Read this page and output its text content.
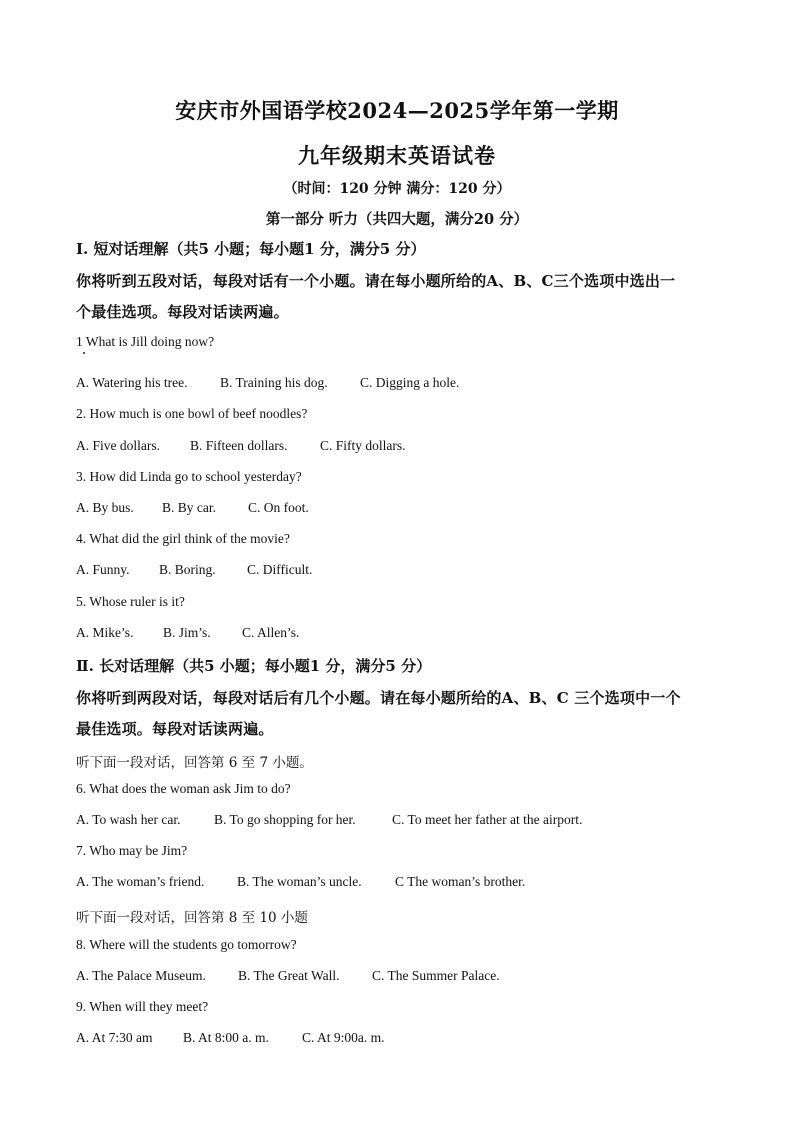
安庆市外国语学校2024—2025学年第一学期
九年级期末英语试卷
（时间：120 分钟 满分：120 分）
第一部分 听力（共四大题，满分20 分）
Ⅰ. 短对话理解（共5 小题；每小题1 分，满分5 分）
你将听到五段对话，每段对话有一个小题。请在每小题所给的A、B、C三个选项中选出一
个最佳选项。每段对话读两遍。
1 What is Jill doing now?
A. Watering his tree. B. Training his dog. C. Digging a hole.
2. How much is one bowl of beef noodles?
A. Five dollars. B. Fifteen dollars. C. Fifty dollars.
3. How did Linda go to school yesterday?
A. By bus. B. By car. C. On foot.
4. What did the girl think of the movie?
A. Funny. B. Boring. C. Difficult.
5. Whose ruler is it?
A. Mike’s. B. Jim’s. C. Allen’s.
Ⅱ. 长对话理解（共5 小题；每小题1 分，满分5 分）
你将听到两段对话，每段对话后有几个小题。请在每小题所给的A、B、C 三个选项中一个
最佳选项。每段对话读两遍。
听下面一段对话，回答第 6 至 7 小题。
6. What does the woman ask Jim to do?
A. To wash her car. B. To go shopping for her.	C. To meet her father at the airport.
7. Who may be Jim?
A. The woman’s friend. B. The woman’s uncle. C The woman’s brother.
听下面一段对话，回答第 8 至 10 小题
8. Where will the students go tomorrow?
A. The Palace Museum. B. The Great Wall. C. The Summer Palace.
9. When will they meet?
A. At 7:30 am B. At 8:00 a. m. C. At 9:00a. m.
